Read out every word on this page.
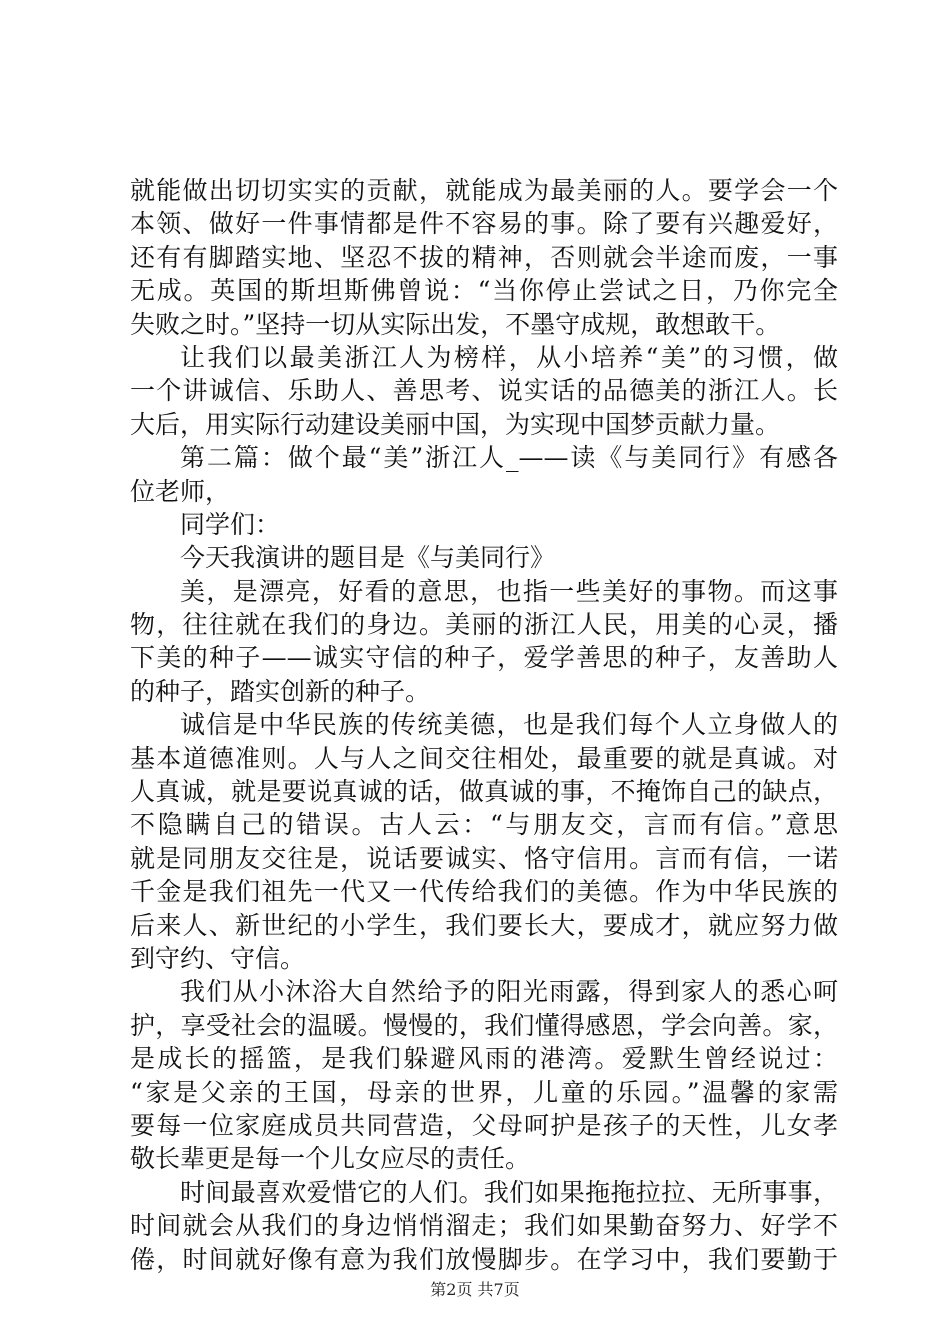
就能做出切切实实的贡献，就能成为最美丽的人。要学会一个
本领、做好一件事情都是件不容易的事。除了要有兴趣爱好，
还有有脚踏实地、坚忍不拔的精神，否则就会半途而废，一事
无成。英国的斯坦斯佛曾说：“当你停止尝试之日，乃你完全
失败之时。”坚持一切从实际出发，不墨守成规，敢想敢干。
让我们以最美浙江人为榜样，从小培养“美”的习惯，做
一个讲诚信、乐助人、善思考、说实话的品德美的浙江人。长
大后，用实际行动建设美丽中国，为实现中国梦贡献力量。
第二篇：做个最“美”浙江人_——读《与美同行》有感各
位老师，
同学们：
今天我演讲的题目是《与美同行》
美，是漂亮，好看的意思，也指一些美好的事物。而这事
物，往往就在我们的身边。美丽的浙江人民，用美的心灵，播
下美的种子——诚实守信的种子，爱学善思的种子，友善助人
的种子，踏实创新的种子。
诚信是中华民族的传统美德，也是我们每个人立身做人的
基本道德准则。人与人之间交往相处，最重要的就是真诚。对
人真诚，就是要说真诚的话，做真诚的事，不掩饰自己的缺点，
不隐瞒自己的错误。古人云：“与朋友交，言而有信。”意思
就是同朋友交往是，说话要诚实、恪守信用。言而有信，一诺
千金是我们祖先一代又一代传给我们的美德。作为中华民族的
后来人、新世纪的小学生，我们要长大，要成才，就应努力做
到守约、守信。
我们从小沐浴大自然给予的阳光雨露，得到家人的悉心呵
护，享受社会的温暖。慢慢的，我们懂得感恩，学会向善。家，
是成长的摇篮，是我们躲避风雨的港湾。爱默生曾经说过：
“家是父亲的王国，母亲的世界，儿童的乐园。”温馨的家需
要每一位家庭成员共同营造，父母呵护是孩子的天性，儿女孝
敬长辈更是每一个儿女应尽的责任。
时间最喜欢爱惜它的人们。我们如果拖拖拉拉、无所事事，
时间就会从我们的身边悄悄溜走；我们如果勤奋努力、好学不
倦，时间就好像有意为我们放慢脚步。在学习中，我们要勤于
第2页 共7页
